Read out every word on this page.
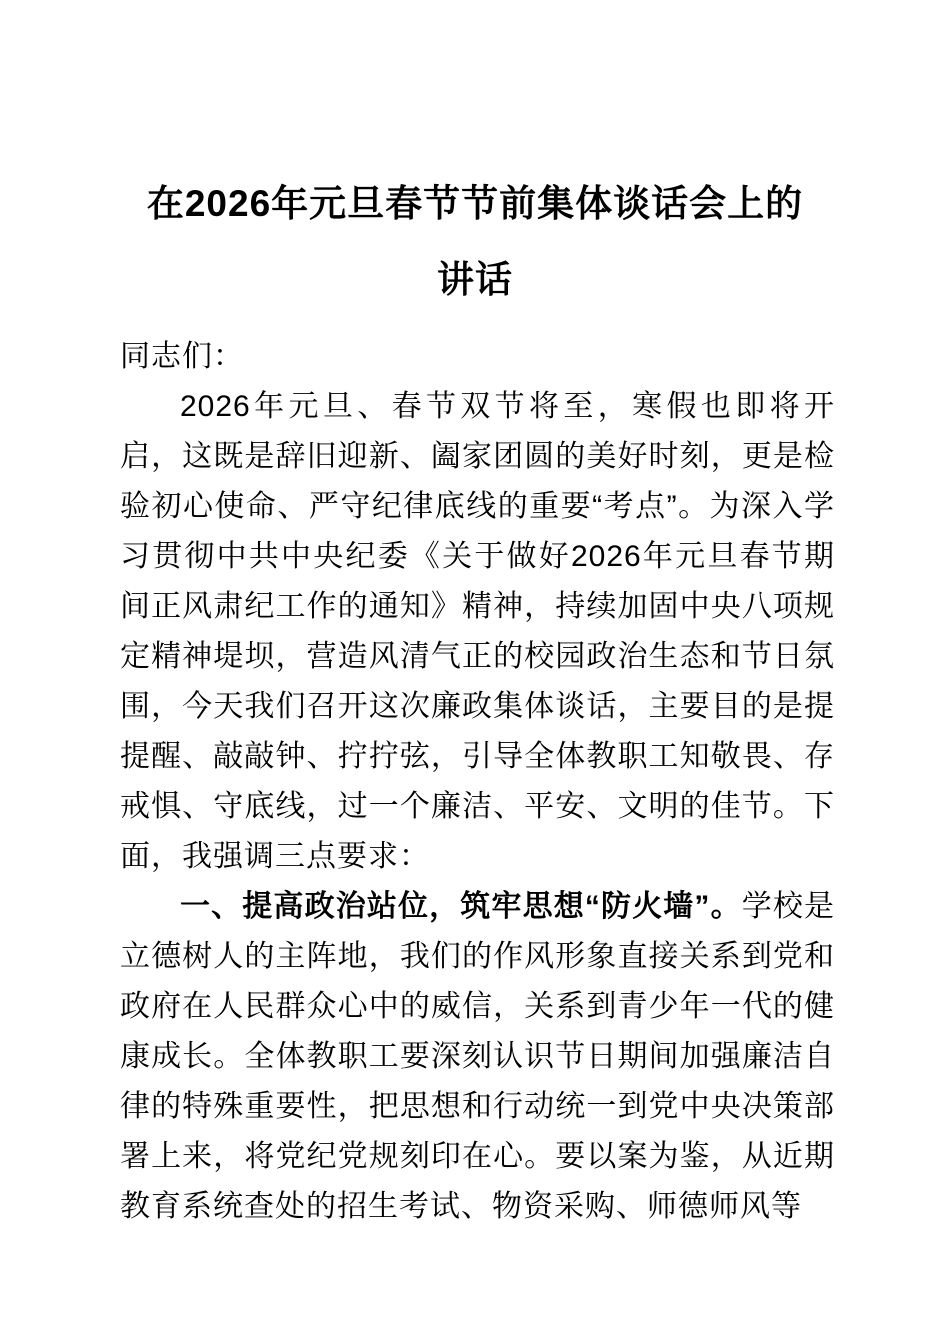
在2026年元旦春节节前集体谈话会上的
讲话

同志们：

2026年元旦、春节双节将至，寒假也即将开启，这既是辞旧迎新、阖家团圆的美好时刻，更是检验初心使命、严守纪律底线的重要“考点”。为深入学习贯彻中共中央纪委《关于做好2026年元旦春节期间正风肃纪工作的通知》精神，持续加固中央八项规定精神堤坝，营造风清气正的校园政治生态和节日氛围，今天我们召开这次廉政集体谈话，主要目的是提提醒、敲敲钟、拧拧弦，引导全体教职工知敬畏、存戒惧、守底线，过一个廉洁、平安、文明的佳节。下面，我强调三点要求：

一、提高政治站位，筑牢思想“防火墙”。学校是立德树人的主阵地，我们的作风形象直接关系到党和政府在人民群众心中的威信，关系到青少年一代的健康成长。全体教职工要深刻认识节日期间加强廉洁自律的特殊重要性，把思想和行动统一到党中央决策部署上来，将党纪党规刻印在心。要以案为鉴，从近期教育系统查处的招生考试、物资采购、师德师风等
